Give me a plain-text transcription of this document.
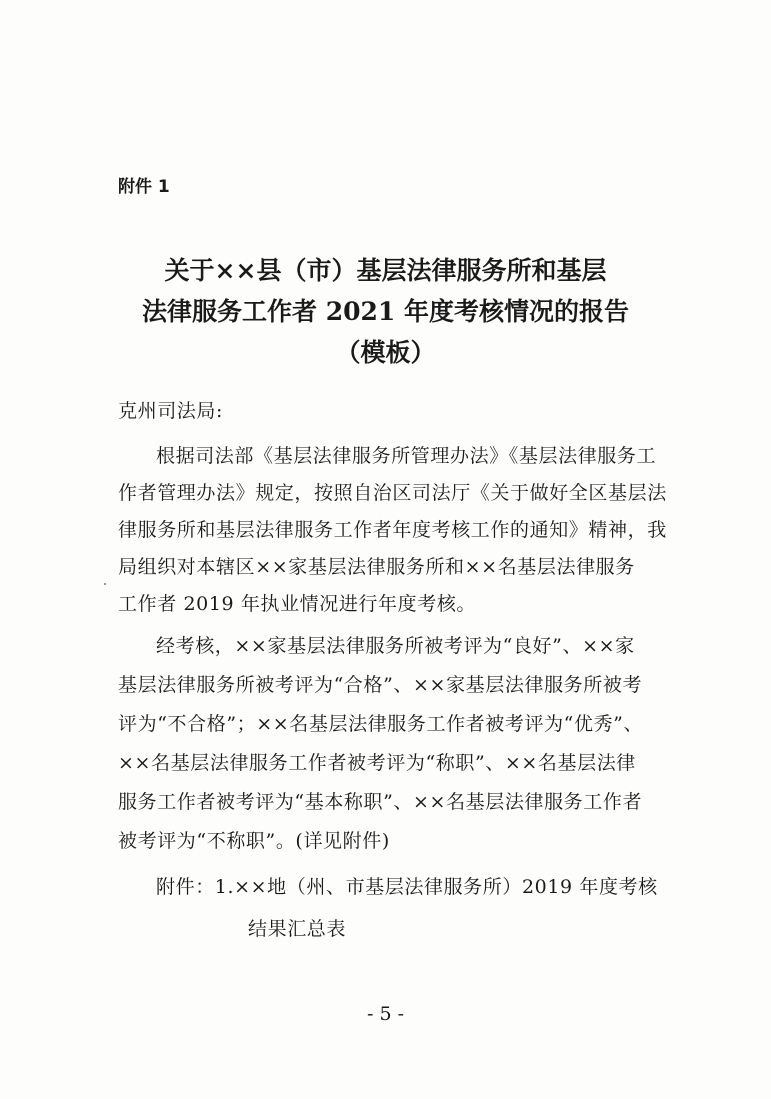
附件 1
关于××县（市）基层法律服务所和基层
法律服务工作者 2021 年度考核情况的报告
（模板）
克州司法局:
根据司法部《基层法律服务所管理办法》《基层法律服务工
作者管理办法》规定，按照自治区司法厅《关于做好全区基层法
律服务所和基层法律服务工作者年度考核工作的通知》精神，我
局组织对本辖区××家基层法律服务所和××名基层法律服务
工作者 2019 年执业情况进行年度考核。
经考核，××家基层法律服务所被考评为“良好”、××家
基层法律服务所被考评为“合格”、××家基层法律服务所被考
评为“不合格”；××名基层法律服务工作者被考评为“优秀”、
××名基层法律服务工作者被考评为“称职”、××名基层法律
服务工作者被考评为“基本称职”、××名基层法律服务工作者
被考评为“不称职”。(详见附件)
附件：1.××地（州、市基层法律服务所）2019 年度考核
结果汇总表
- 5 -
